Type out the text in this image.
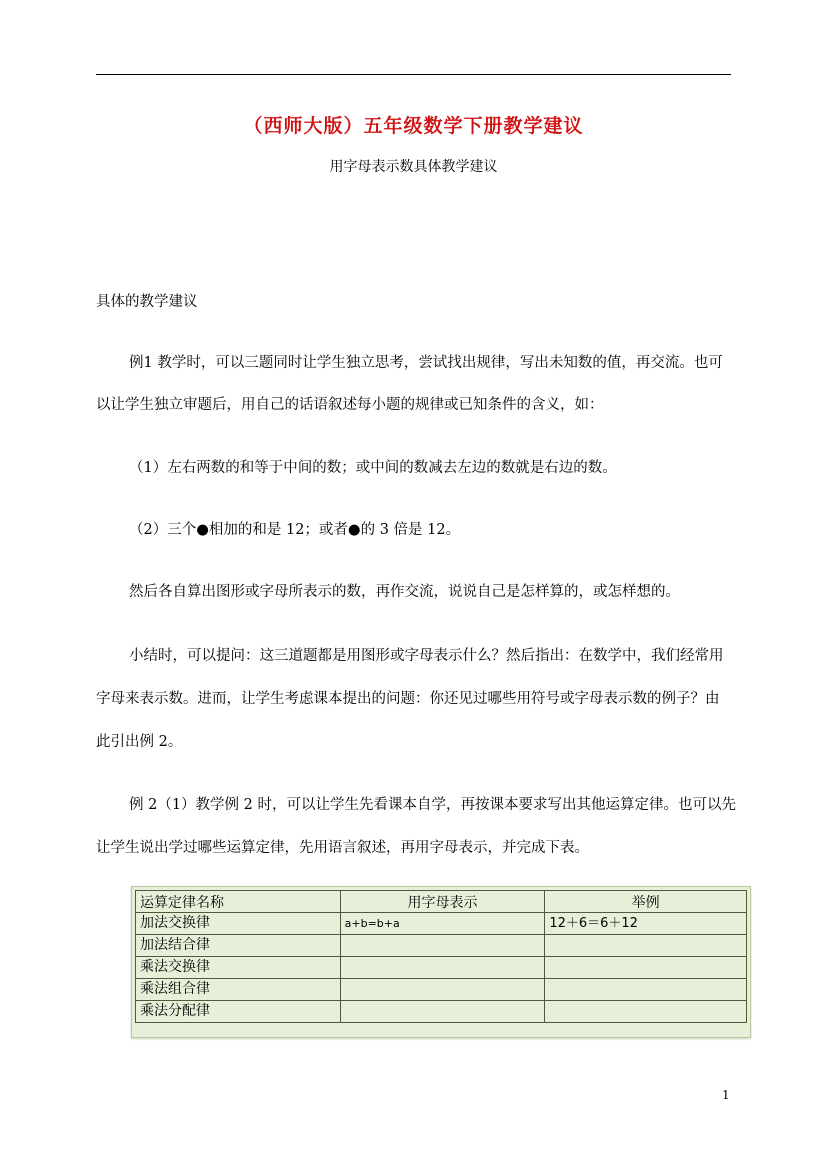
（西师大版）五年级数学下册教学建议
用字母表示数具体教学建议
具体的教学建议
例1 教学时，可以三题同时让学生独立思考，尝试找出规律，写出未知数的值，再交流。也可
以让学生独立审题后，用自己的话语叙述每小题的规律或已知条件的含义，如：
（1）左右两数的和等于中间的数；或中间的数减去左边的数就是右边的数。
（2）三个●相加的和是 12；或者●的 3 倍是 12。
然后各自算出图形或字母所表示的数，再作交流，说说自己是怎样算的，或怎样想的。
小结时，可以提问：这三道题都是用图形或字母表示什么？然后指出：在数学中，我们经常用
字母来表示数。进而，让学生考虑课本提出的问题：你还见过哪些用符号或字母表示数的例子？由
此引出例 2。
例 2（1）教学例 2 时，可以让学生先看课本自学，再按课本要求写出其他运算定律。也可以先
让学生说出学过哪些运算定律，先用语言叙述，再用字母表示，并完成下表。
运算定律名称	用字母表示	举例
加法交换律	a+b=b+a	12＋6＝6＋12
加法结合律		
乘法交换律		
乘法组合律		
乘法分配律		
1
